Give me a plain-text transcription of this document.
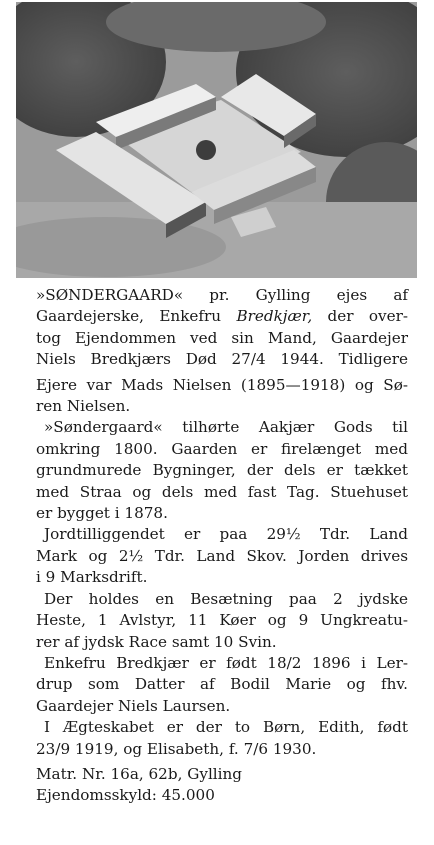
»SØNDERGAARD« pr. Gylling ejes af
Gaardejerske, Enkefru Bredkjær, der over-
tog Ejendommen ved sin Mand, Gaardejer
Niels Bredkjærs Død 27/4 1944. Tidligere
Ejere var Mads Nielsen (1895—1918) og Sø-
ren Nielsen.
»Søndergaard« tilhørte Aakjær Gods til
omkring 1800. Gaarden er firelænget med
grundmurede Bygninger, der dels er tækket
med Straa og dels med fast Tag. Stuehuset
er bygget i 1878.
Jordtilliggendet er paa 29½ Tdr. Land
Mark og 2½ Tdr. Land Skov. Jorden drives
i 9 Marksdrift.
Der holdes en Besætning paa 2 jydske
Heste, 1 Avlstyr, 11 Køer og 9 Ungkreatu-
rer af jydsk Race samt 10 Svin.
Enkefru Bredkjær er født 18/2 1896 i Ler-
drup som Datter af Bodil Marie og fhv.
Gaardejer Niels Laursen.
I Ægteskabet er der to Børn, Edith, født
23/9 1919, og Elisabeth, f. 7/6 1930.
Matr. Nr. 16a, 62b, Gylling
Ejendomsskyld: 45.000
